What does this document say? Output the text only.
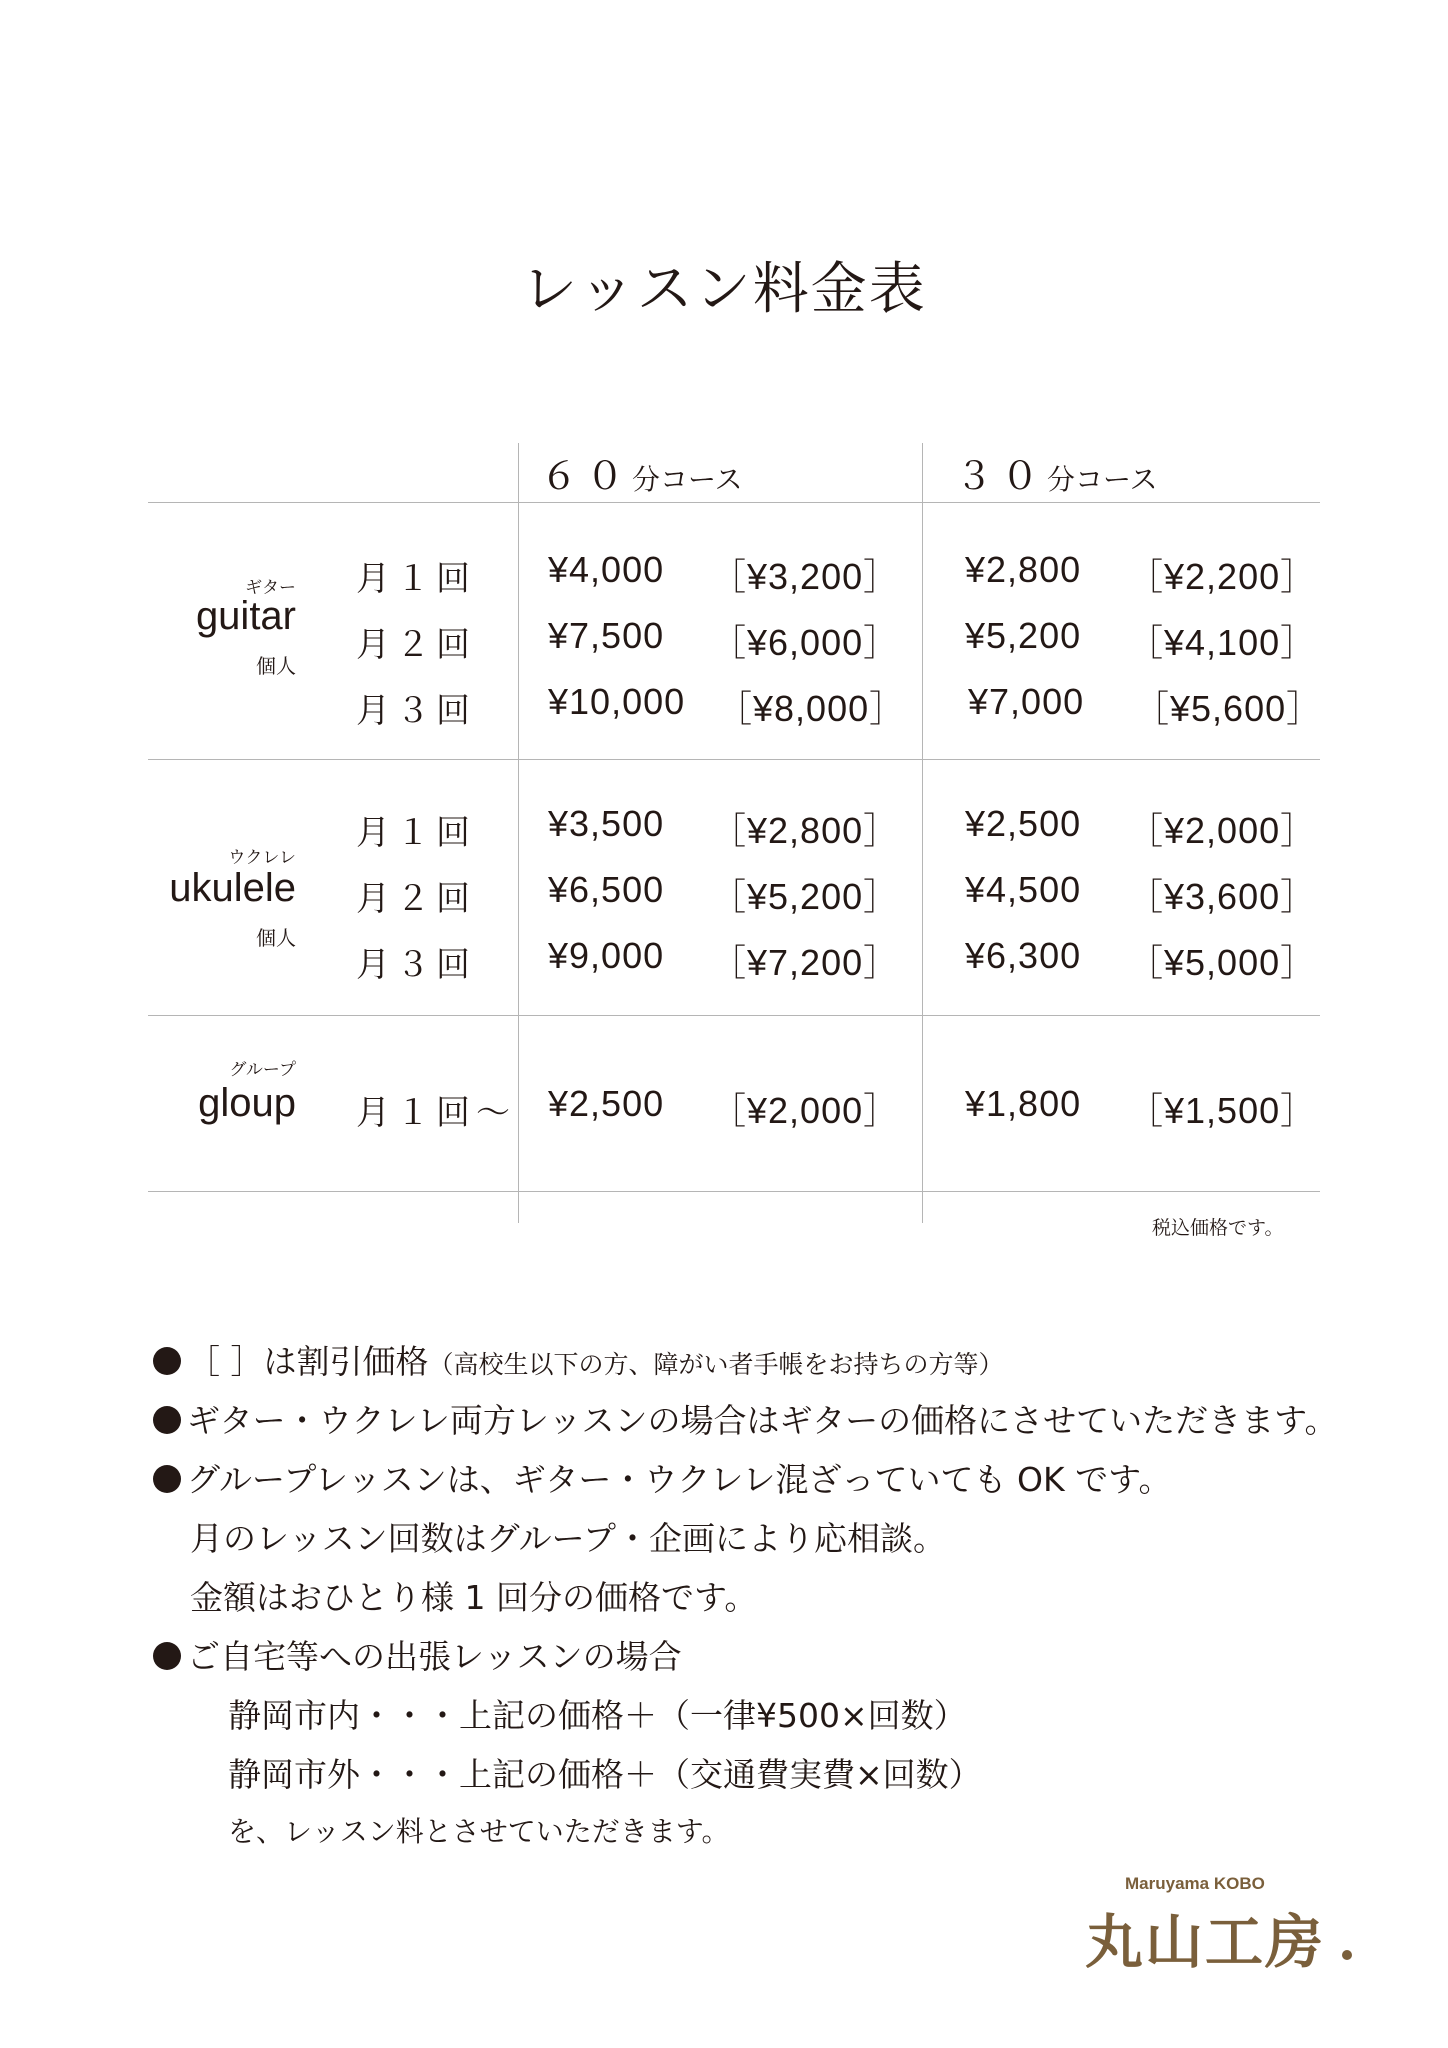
レッスン料金表
６０分コース	３０分コース
ギター
guitar
個人
月１回
月２回
月３回
¥4,000 ［¥3,200］ ¥2,800 ［¥2,200］
¥7,500 ［¥6,000］ ¥5,200 ［¥4,100］
¥10,000 ［¥8,000］ ¥7,000 ［¥5,600］
ウクレレ
ukulele
個人
月１回
月２回
月３回
¥3,500 ［¥2,800］ ¥2,500 ［¥2,000］
¥6,500 ［¥5,200］ ¥4,500 ［¥3,600］
¥9,000 ［¥7,200］ ¥6,300 ［¥5,000］
グループ
gloup 月１回〜 ¥2,500 ［¥2,000］ ¥1,800 ［¥1,500］
税込価格です。
［ ］は割引価格（高校生以下の方、障がい者手帳をお持ちの方等）
ギター・ウクレレ両方レッスンの場合はギターの価格にさせていただきます。
グループレッスンは、ギター・ウクレレ混ざっていても OK です。
月のレッスン回数はグループ・企画により応相談。
金額はおひとり様 1 回分の価格です。
ご自宅等への出張レッスンの場合
静岡市内・・・上記の価格＋（一律¥500×回数）
静岡市外・・・上記の価格＋（交通費実費×回数）
を、レッスン料とさせていただきます。
Maruyama KOBO
丸山工房
